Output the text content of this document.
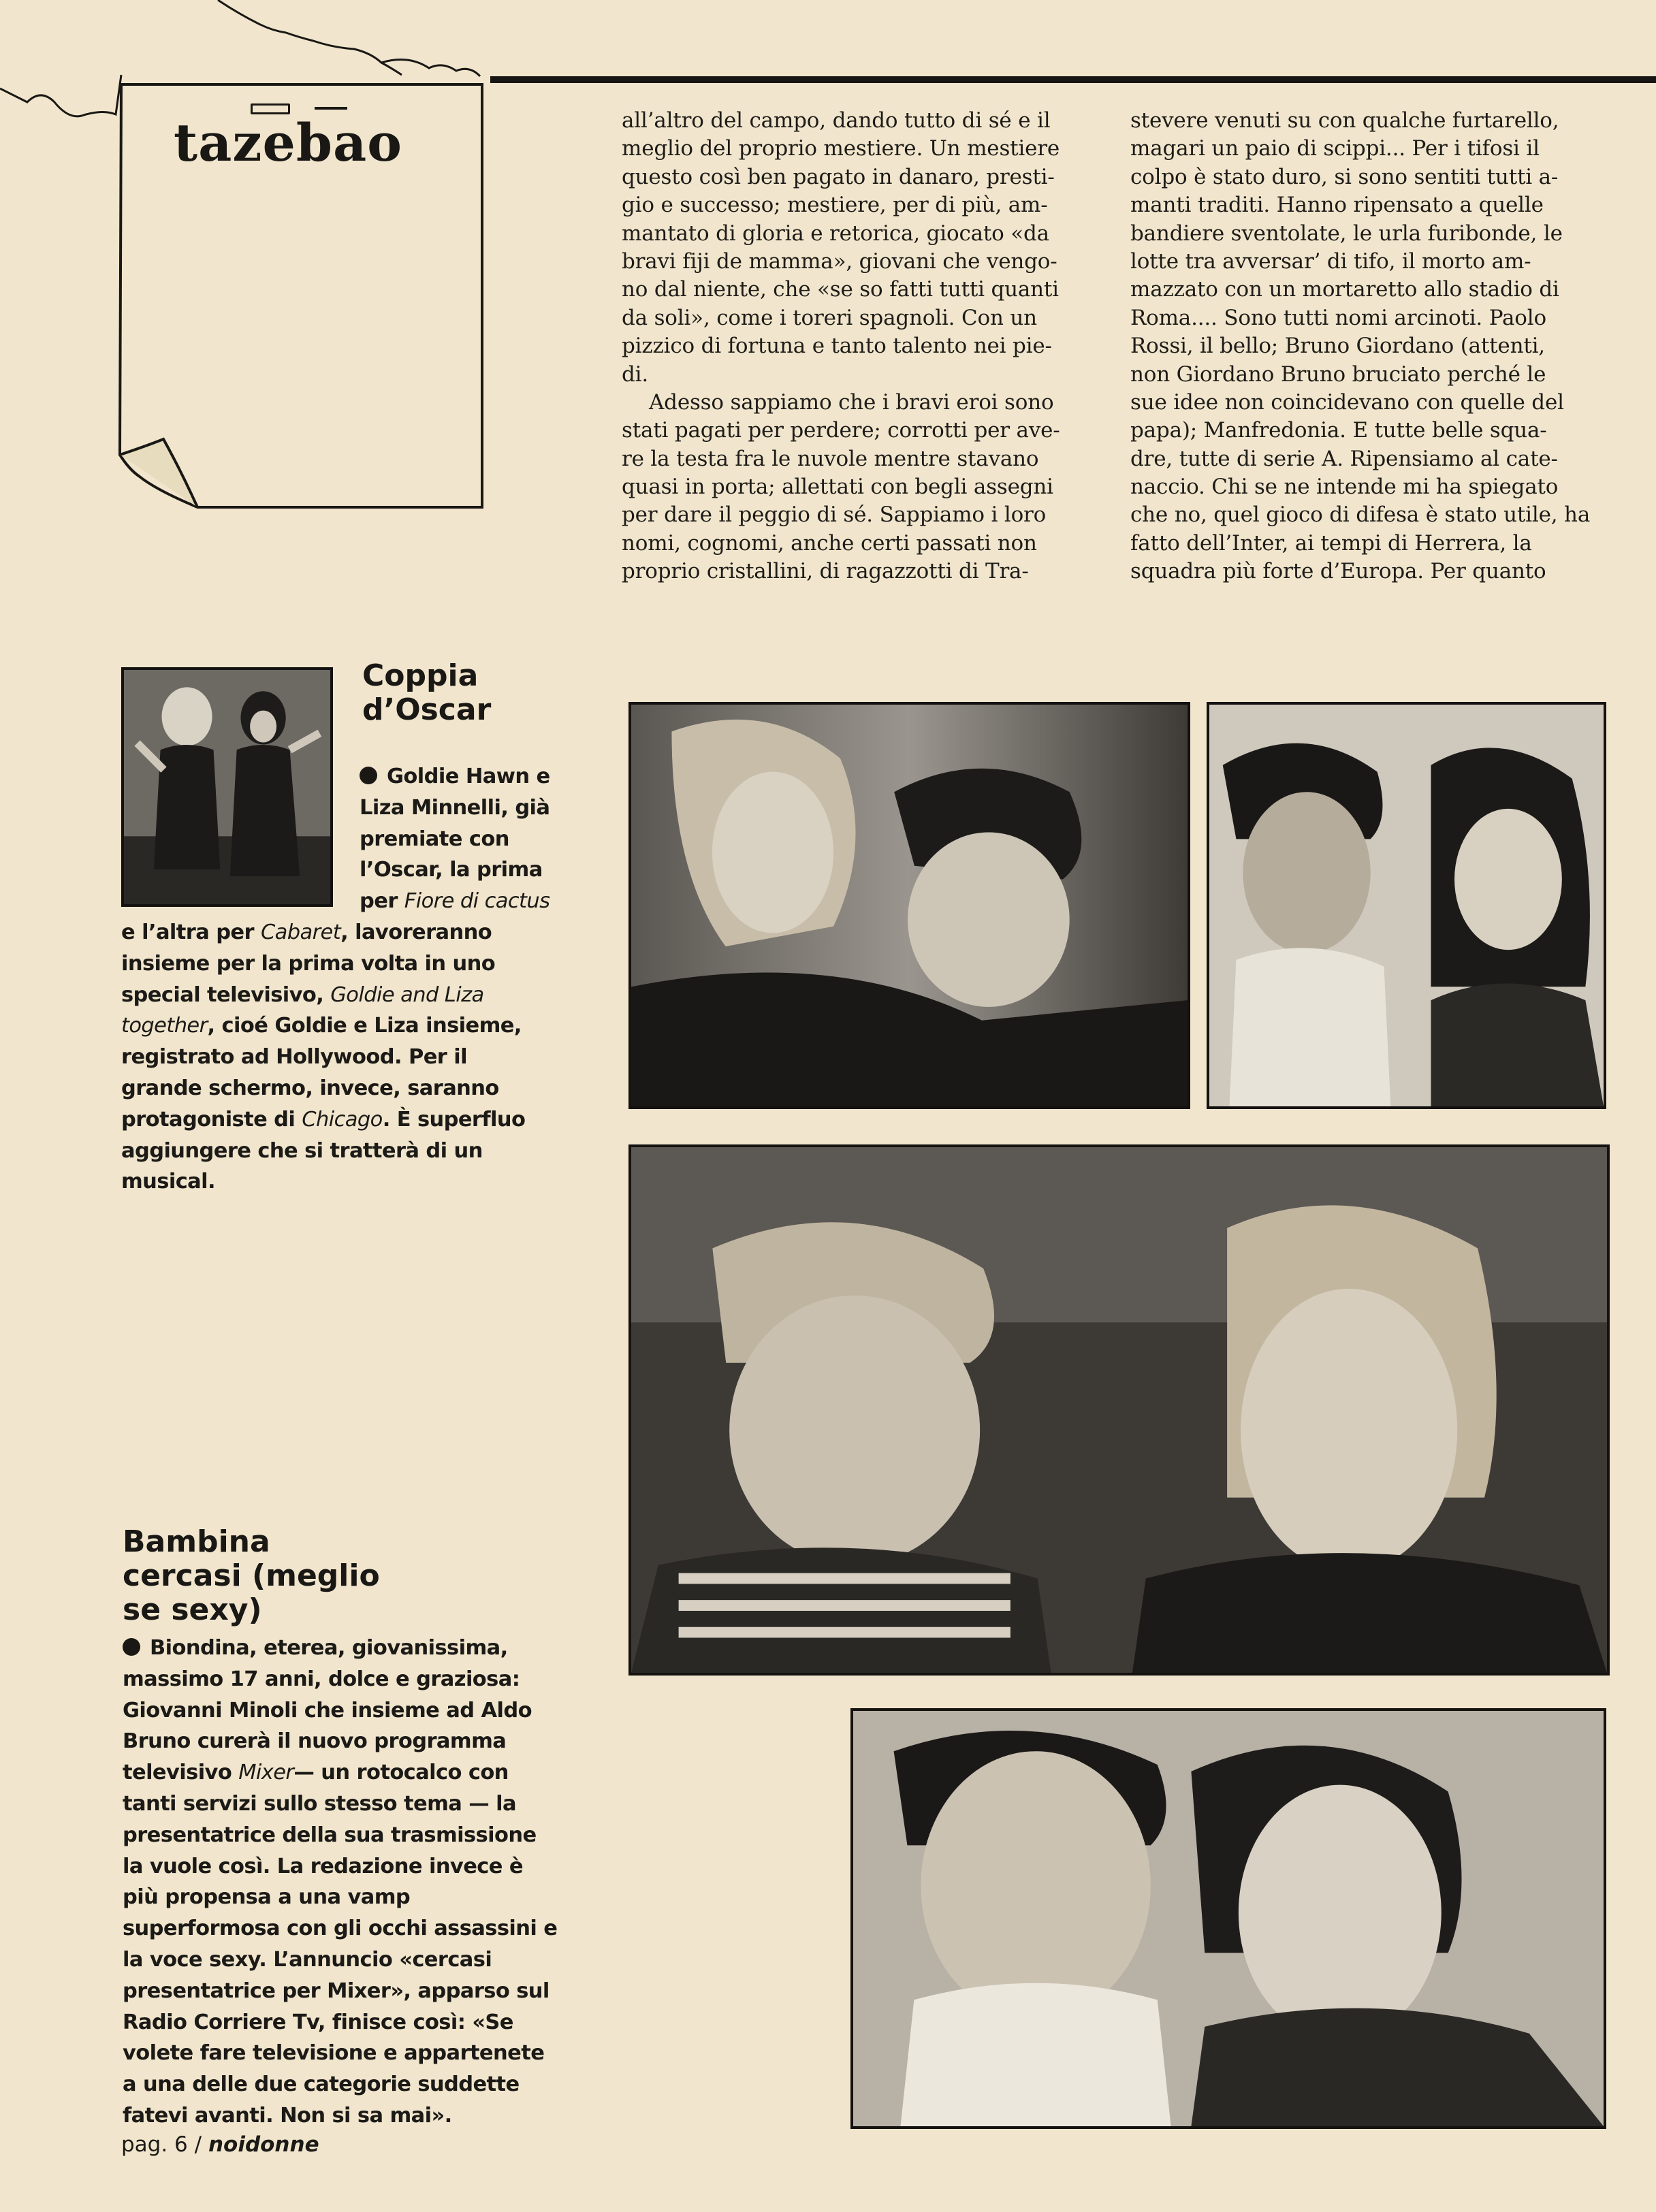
tazebao	all’altro del campo, dando tutto di sé e il
meglio del proprio mestiere. Un mestiere
questo così ben pagato in danaro, presti-
gio e successo; mestiere, per di più, am-
mantato di gloria e retorica, giocato «da
bravi fiji de mamma», giovani che vengo-
no dal niente, che «se so fatti tutti quanti
da soli», come i toreri spagnoli. Con un
pizzico di fortuna e tanto talento nei pie-
di.
Adesso sappiamo che i bravi eroi sono
stati pagati per perdere; corrotti per ave-
re la testa fra le nuvole mentre stavano
quasi in porta; allettati con begli assegni
per dare il peggio di sé. Sappiamo i loro
nomi, cognomi, anche certi passati non
proprio cristallini, di ragazzotti di Tra-
stevere venuti su con qualche furtarello,
magari un paio di scippi... Per i tifosi il
colpo è stato duro, si sono sentiti tutti a-
manti traditi. Hanno ripensato a quelle
bandiere sventolate, le urla furibonde, le
lotte tra avversar’ di tifo, il morto am-
mazzato con un mortaretto allo stadio di
Roma.... Sono tutti nomi arcinoti. Paolo
Rossi, il bello; Bruno Giordano (attenti,
non Giordano Bruno bruciato perché le
sue idee non coincidevano con quelle del
papa); Manfredonia. E tutte belle squa-
dre, tutte di serie A. Ripensiamo al cate-
naccio. Chi se ne intende mi ha spiegato
che no, quel gioco di difesa è stato utile, ha
fatto dell’Inter, ai tempi di Herrera, la
squadra più forte d’Europa. Per quanto
Coppia
d’Oscar
Goldie Hawn e
Liza Minnelli, già
premiate con
l’Oscar, la prima
per Fiore di cactus
e l’altra per Cabaret, lavoreranno
insieme per la prima volta in uno
special televisivo, Goldie and Liza
together, cioé Goldie e Liza insieme,
registrato ad Hollywood. Per il
grande schermo, invece, saranno
protagoniste di Chicago. È superfluo
aggiungere che si tratterà di un
musical.
Bambina
cercasi (meglio
se sexy)
Biondina, eterea, giovanissima,
massimo 17 anni, dolce e graziosa:
Giovanni Minoli che insieme ad Aldo
Bruno curerà il nuovo programma
televisivo Mixer— un rotocalco con
tanti servizi sullo stesso tema — la
presentatrice della sua trasmissione
la vuole così. La redazione invece è
più propensa a una vamp
superformosa con gli occhi assassini e
la voce sexy. L’annuncio «cercasi
presentatrice per Mixer», apparso sul
Radio Corriere Tv, finisce così: «Se
volete fare televisione e appartenete
a una delle due categorie suddette
fatevi avanti. Non si sa mai».
pag. 6 / noidonne
